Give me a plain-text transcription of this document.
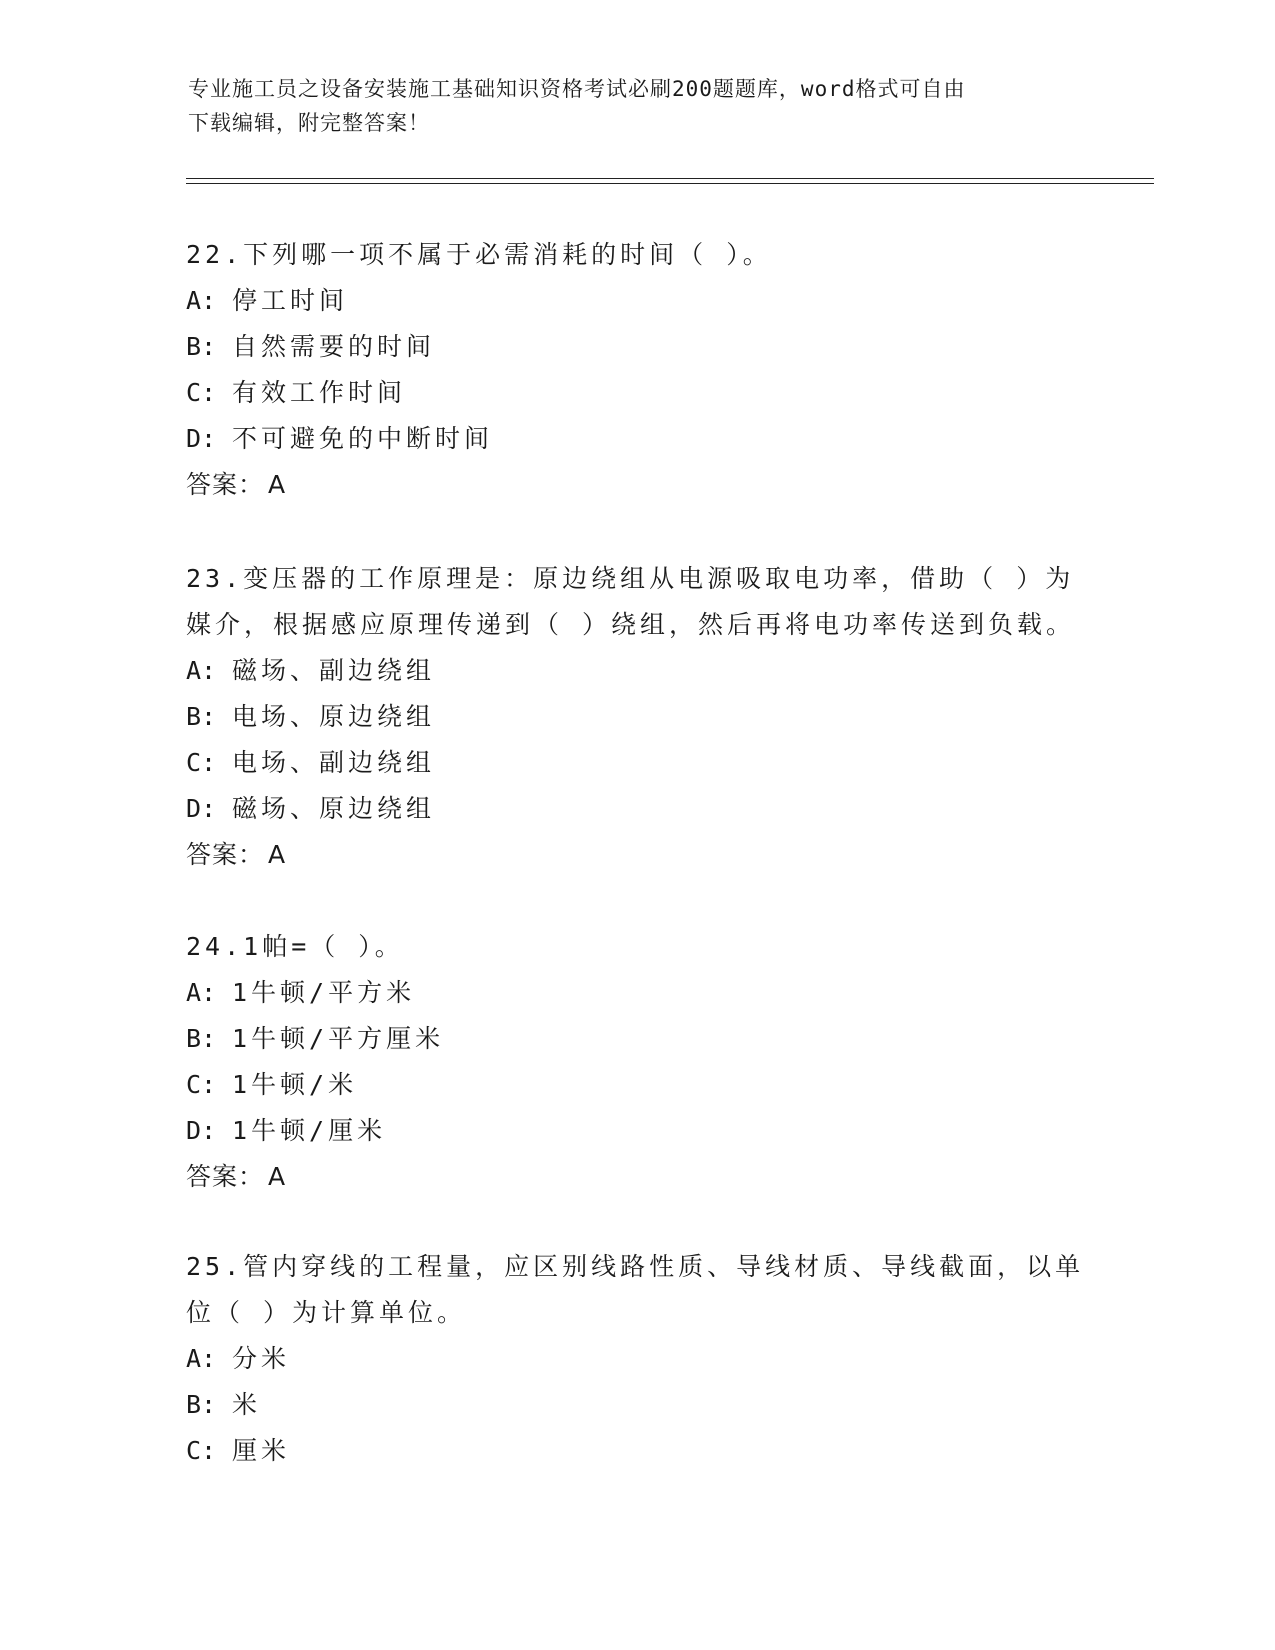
专业施工员之设备安装施工基础知识资格考试必刷200题题库，word格式可自由
下载编辑，附完整答案！
22.下列哪一项不属于必需消耗的时间（ ）。
A: 停工时间
B: 自然需要的时间
C: 有效工作时间
D: 不可避免的中断时间
答案： A
23.变压器的工作原理是：原边绕组从电源吸取电功率，借助（ ）为
媒介，根据感应原理传递到（ ）绕组，然后再将电功率传送到负载。
A: 磁场、副边绕组
B: 电场、原边绕组
C: 电场、副边绕组
D: 磁场、原边绕组
答案： A
24.1帕=（ ）。
A: 1牛顿/平方米
B: 1牛顿/平方厘米
C: 1牛顿/米
D: 1牛顿/厘米
答案： A
25.管内穿线的工程量，应区别线路性质、导线材质、导线截面，以单
位（ ）为计算单位。
A: 分米
B: 米
C: 厘米
